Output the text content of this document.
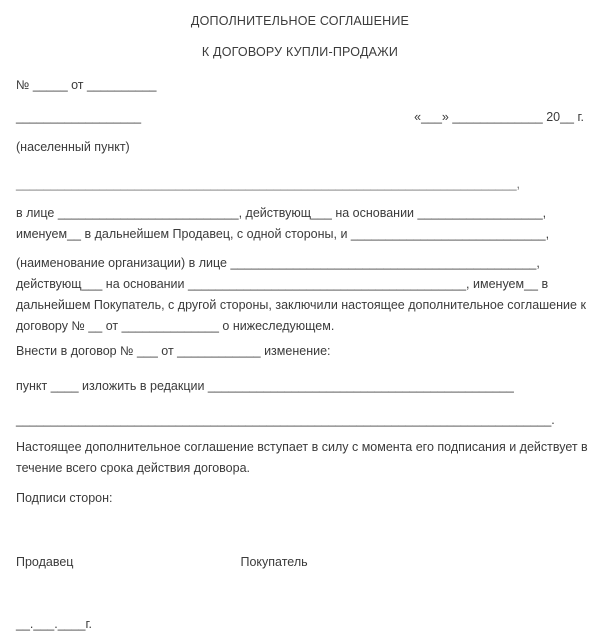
ДОПОЛНИТЕЛЬНОЕ СОГЛАШЕНИЕ
К ДОГОВОРУ КУПЛИ-ПРОДАЖИ
№ _____ от __________
__________________	«___» _____________ 20__ г.
(населенный пункт)
________________________________________________________________________,
в лице __________________________, действующ___ на основании __________________,
именуем__ в дальнейшем Продавец, с одной стороны, и ____________________________,
(наименование организации) в лице ____________________________________________,
действующ___ на основании ________________________________________, именуем__ в
дальнейшем Покупатель, с другой стороны, заключили настоящее дополнительное соглашение к
договору № __ от ______________ о нижеследующем.
Внести в договор № ___ от ____________ изменение:
пункт ____ изложить в редакции ____________________________________________
_____________________________________________________________________________.
Настоящее дополнительное соглашение вступает в силу с момента его подписания и действует в
течение всего срока действия договора.
Подписи сторон:
Продавец	Покупатель
__.___.____г.
